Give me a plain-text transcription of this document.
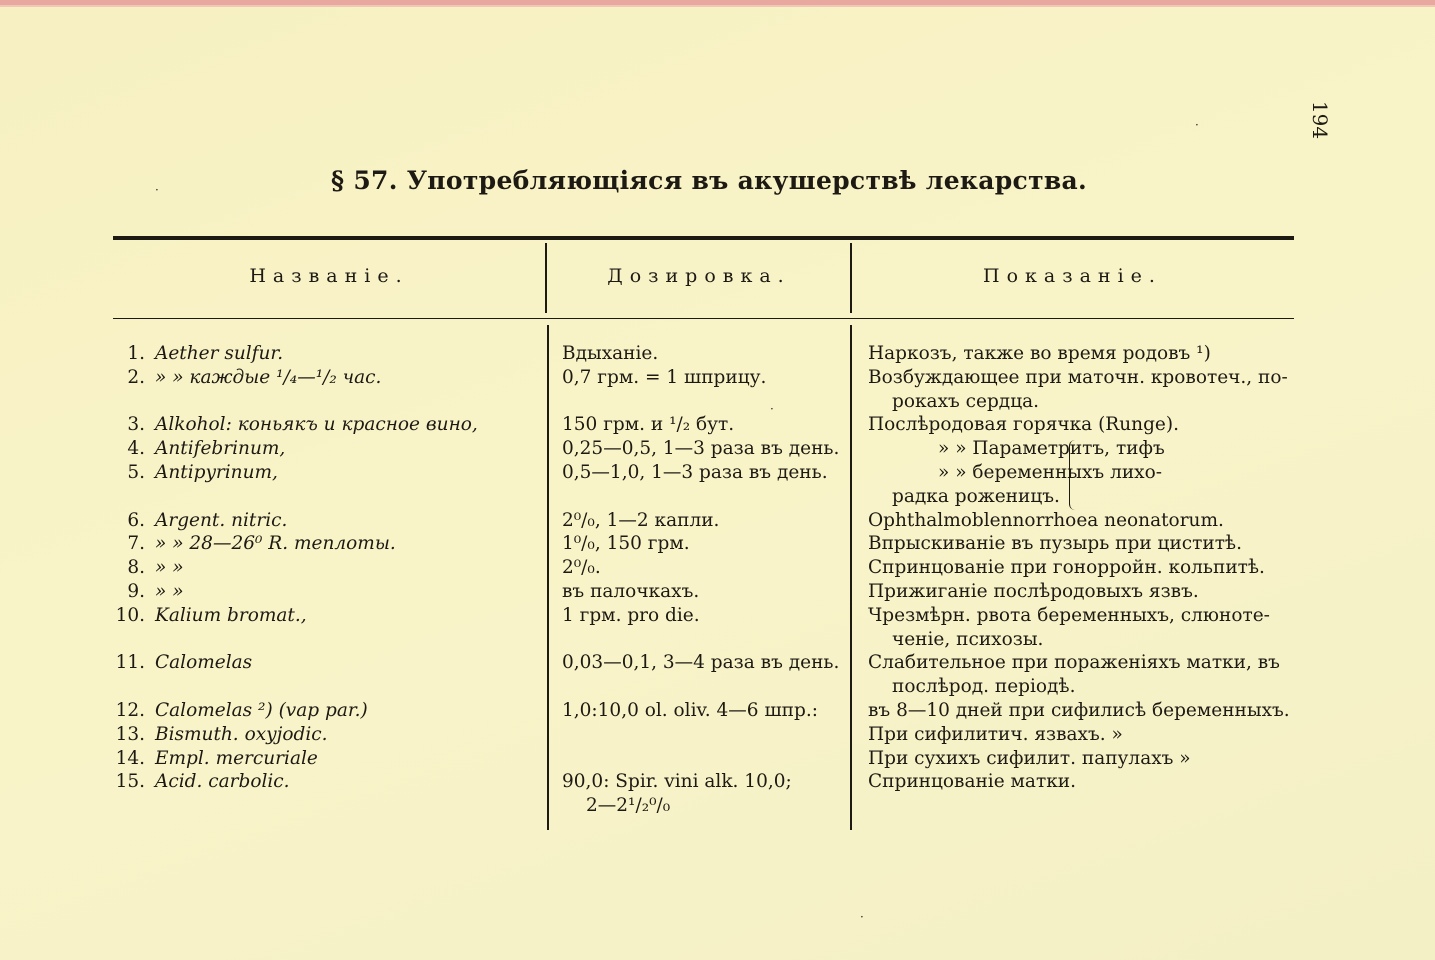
194
§ 57. Употребляющіяся въ акушерствѣ лекарства.
Названіе.	Дозировка.	Показаніе.
1. Aether sulfur.
2. » » каждые ¹/₄—¹/₂ час.
3. Alkohol: коньякъ и красное вино,
4. Antifebrinum,
5. Antipyrinum,
6. Argent. nitric.
7. » » 28—26⁰ R. теплоты.
8. » »
9. » »
10. Kalium bromat.,
11. Calomelas
12. Calomelas ²) (vap par.)
13. Bismuth. oxyjodic.
14. Empl. mercuriale
15. Acid. carbolic.
Вдыханіе.
0,7 грм. = 1 шприцу.
150 грм. и ¹/₂ бут.
0,25—0,5, 1—3 раза въ день.
0,5—1,0, 1—3 раза въ день.
2⁰/₀, 1—2 капли.
1⁰/₀, 150 грм.
2⁰/₀.
въ палочкахъ.
1 грм. pro die.
0,03—0,1, 3—4 раза въ день.
1,0:10,0 ol. oliv. 4—6 шпр.:
90,0: Spir. vini alk. 10,0;
2—2¹/₂⁰/₀
Наркозъ, также во время родовъ ¹)
Возбуждающее при маточн. кровотеч., по-
рокахъ сердца.
Послѣродовая горячка (Runge).
» » Параметритъ, тифъ
» » беременныхъ лихо-
радка роженицъ.
Ophthalmoblennorrhoea neonatorum.
Впрыскиваніе въ пузырь при циститѣ.
Спринцованіе при гонорройн. кольпитѣ.
Прижиганіе послѣродовыхъ язвъ.
Чрезмѣрн. рвота беременныхъ, слюноте-
ченіе, психозы.
Слабительное при пораженіяхъ матки, въ
послѣрод. періодѣ.
въ 8—10 дней при сифилисѣ беременныхъ.
При сифилитич. язвахъ. »
При сухихъ сифилит. папулахъ »
Спринцованіе матки.
·
·
·
·
